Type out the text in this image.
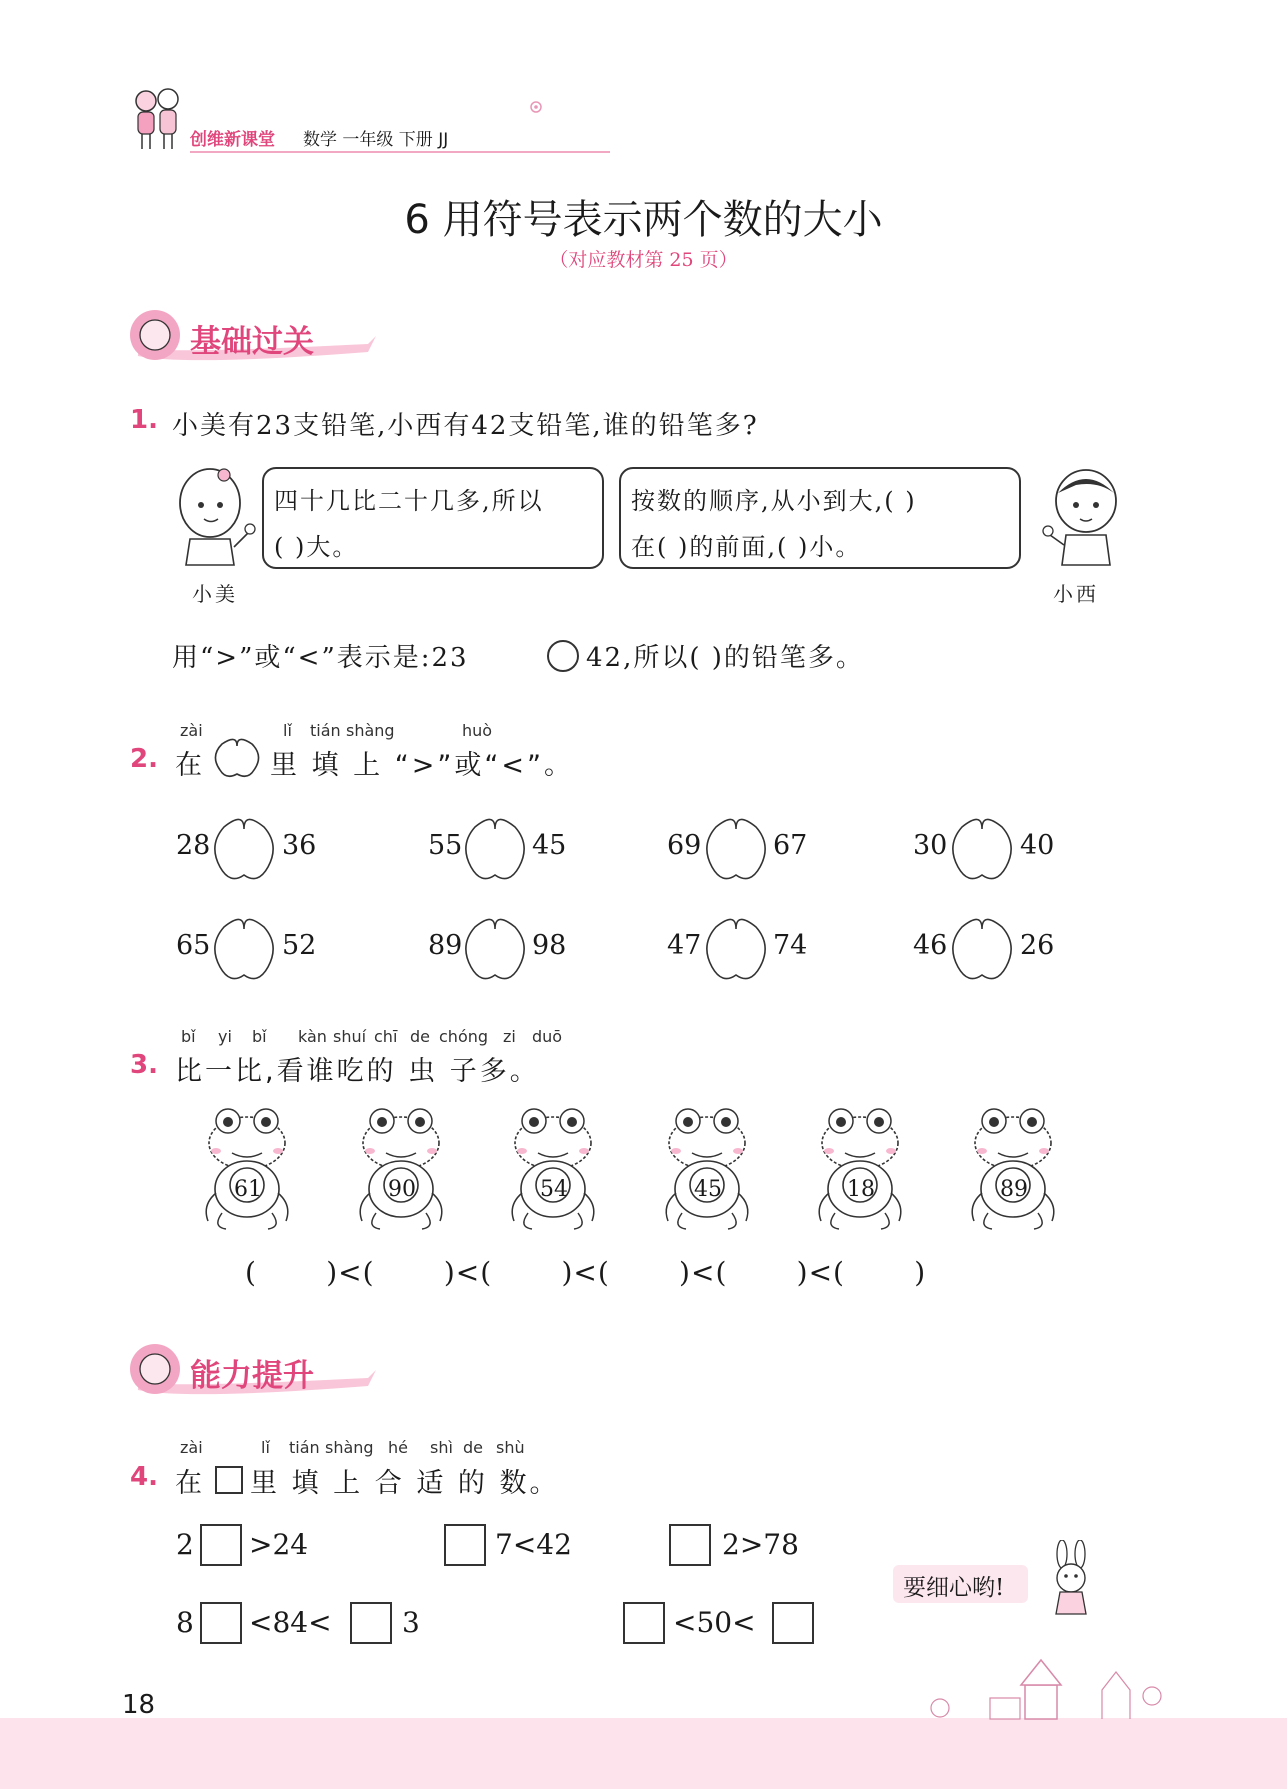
创维新课堂 数学 一年级 下册 JJ
6 用符号表示两个数的大小
（对应教材第 25 页）
基础过关
1. 小美有23支铅笔,小西有42支铅笔,谁的铅笔多?
小美
四十几比二十几多,所以
( )大。
按数的顺序,从小到大,( )
在( )的前面,( )小。
小西
用“>”或“<”表示是:23	42,所以( )的铅笔多。
zài	lǐ tián shàng	huò
2. 在 里 填 上 “>”或“<”。
28	36	55	45	69	67	30	40
65	52	89	98	47	74	46	26
bǐ yi bǐ kàn shuí chī de chóng zi duō
3. 比一比,看谁吃的 虫 子多。
61	90	54	45	18	89
(       )<(       )<(       )<(       )<(       )<(       )
能力提升
zài	lǐ tián shàng hé shì de shù
4. 在 里 填 上 合 适 的 数。
2 >24	7<42	2>78
8 <84<	3	<50<
要细心哟!
18
